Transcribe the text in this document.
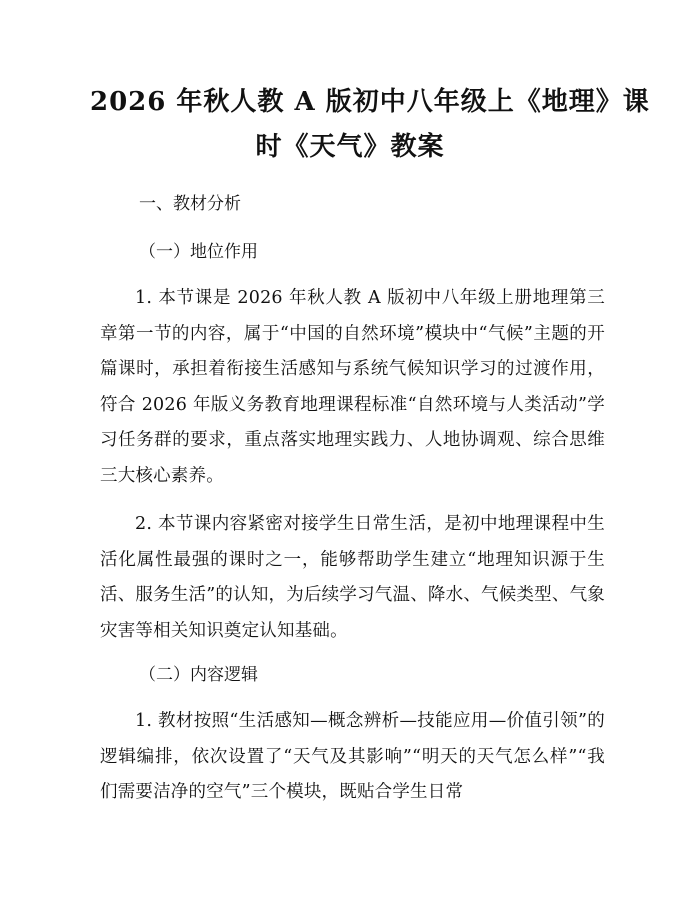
2026 年秋人教 A 版初中八年级上《地理》课
时《天气》教案
一、教材分析
（一）地位作用
1. 本节课是 2026 年秋人教 A 版初中八年级上册地理第三章第一节的内容，属于“中国的自然环境”模块中“气候”主题的开篇课时，承担着衔接生活感知与系统气候知识学习的过渡作用，符合 2026 年版义务教育地理课程标准“自然环境与人类活动”学习任务群的要求，重点落实地理实践力、人地协调观、综合思维三大核心素养。
2. 本节课内容紧密对接学生日常生活，是初中地理课程中生活化属性最强的课时之一，能够帮助学生建立“地理知识源于生活、服务生活”的认知，为后续学习气温、降水、气候类型、气象灾害等相关知识奠定认知基础。
（二）内容逻辑
1. 教材按照“生活感知—概念辨析—技能应用—价值引领”的逻辑编排，依次设置了“天气及其影响”“明天的天气怎么样”“我们需要洁净的空气”三个模块，既贴合学生日常
